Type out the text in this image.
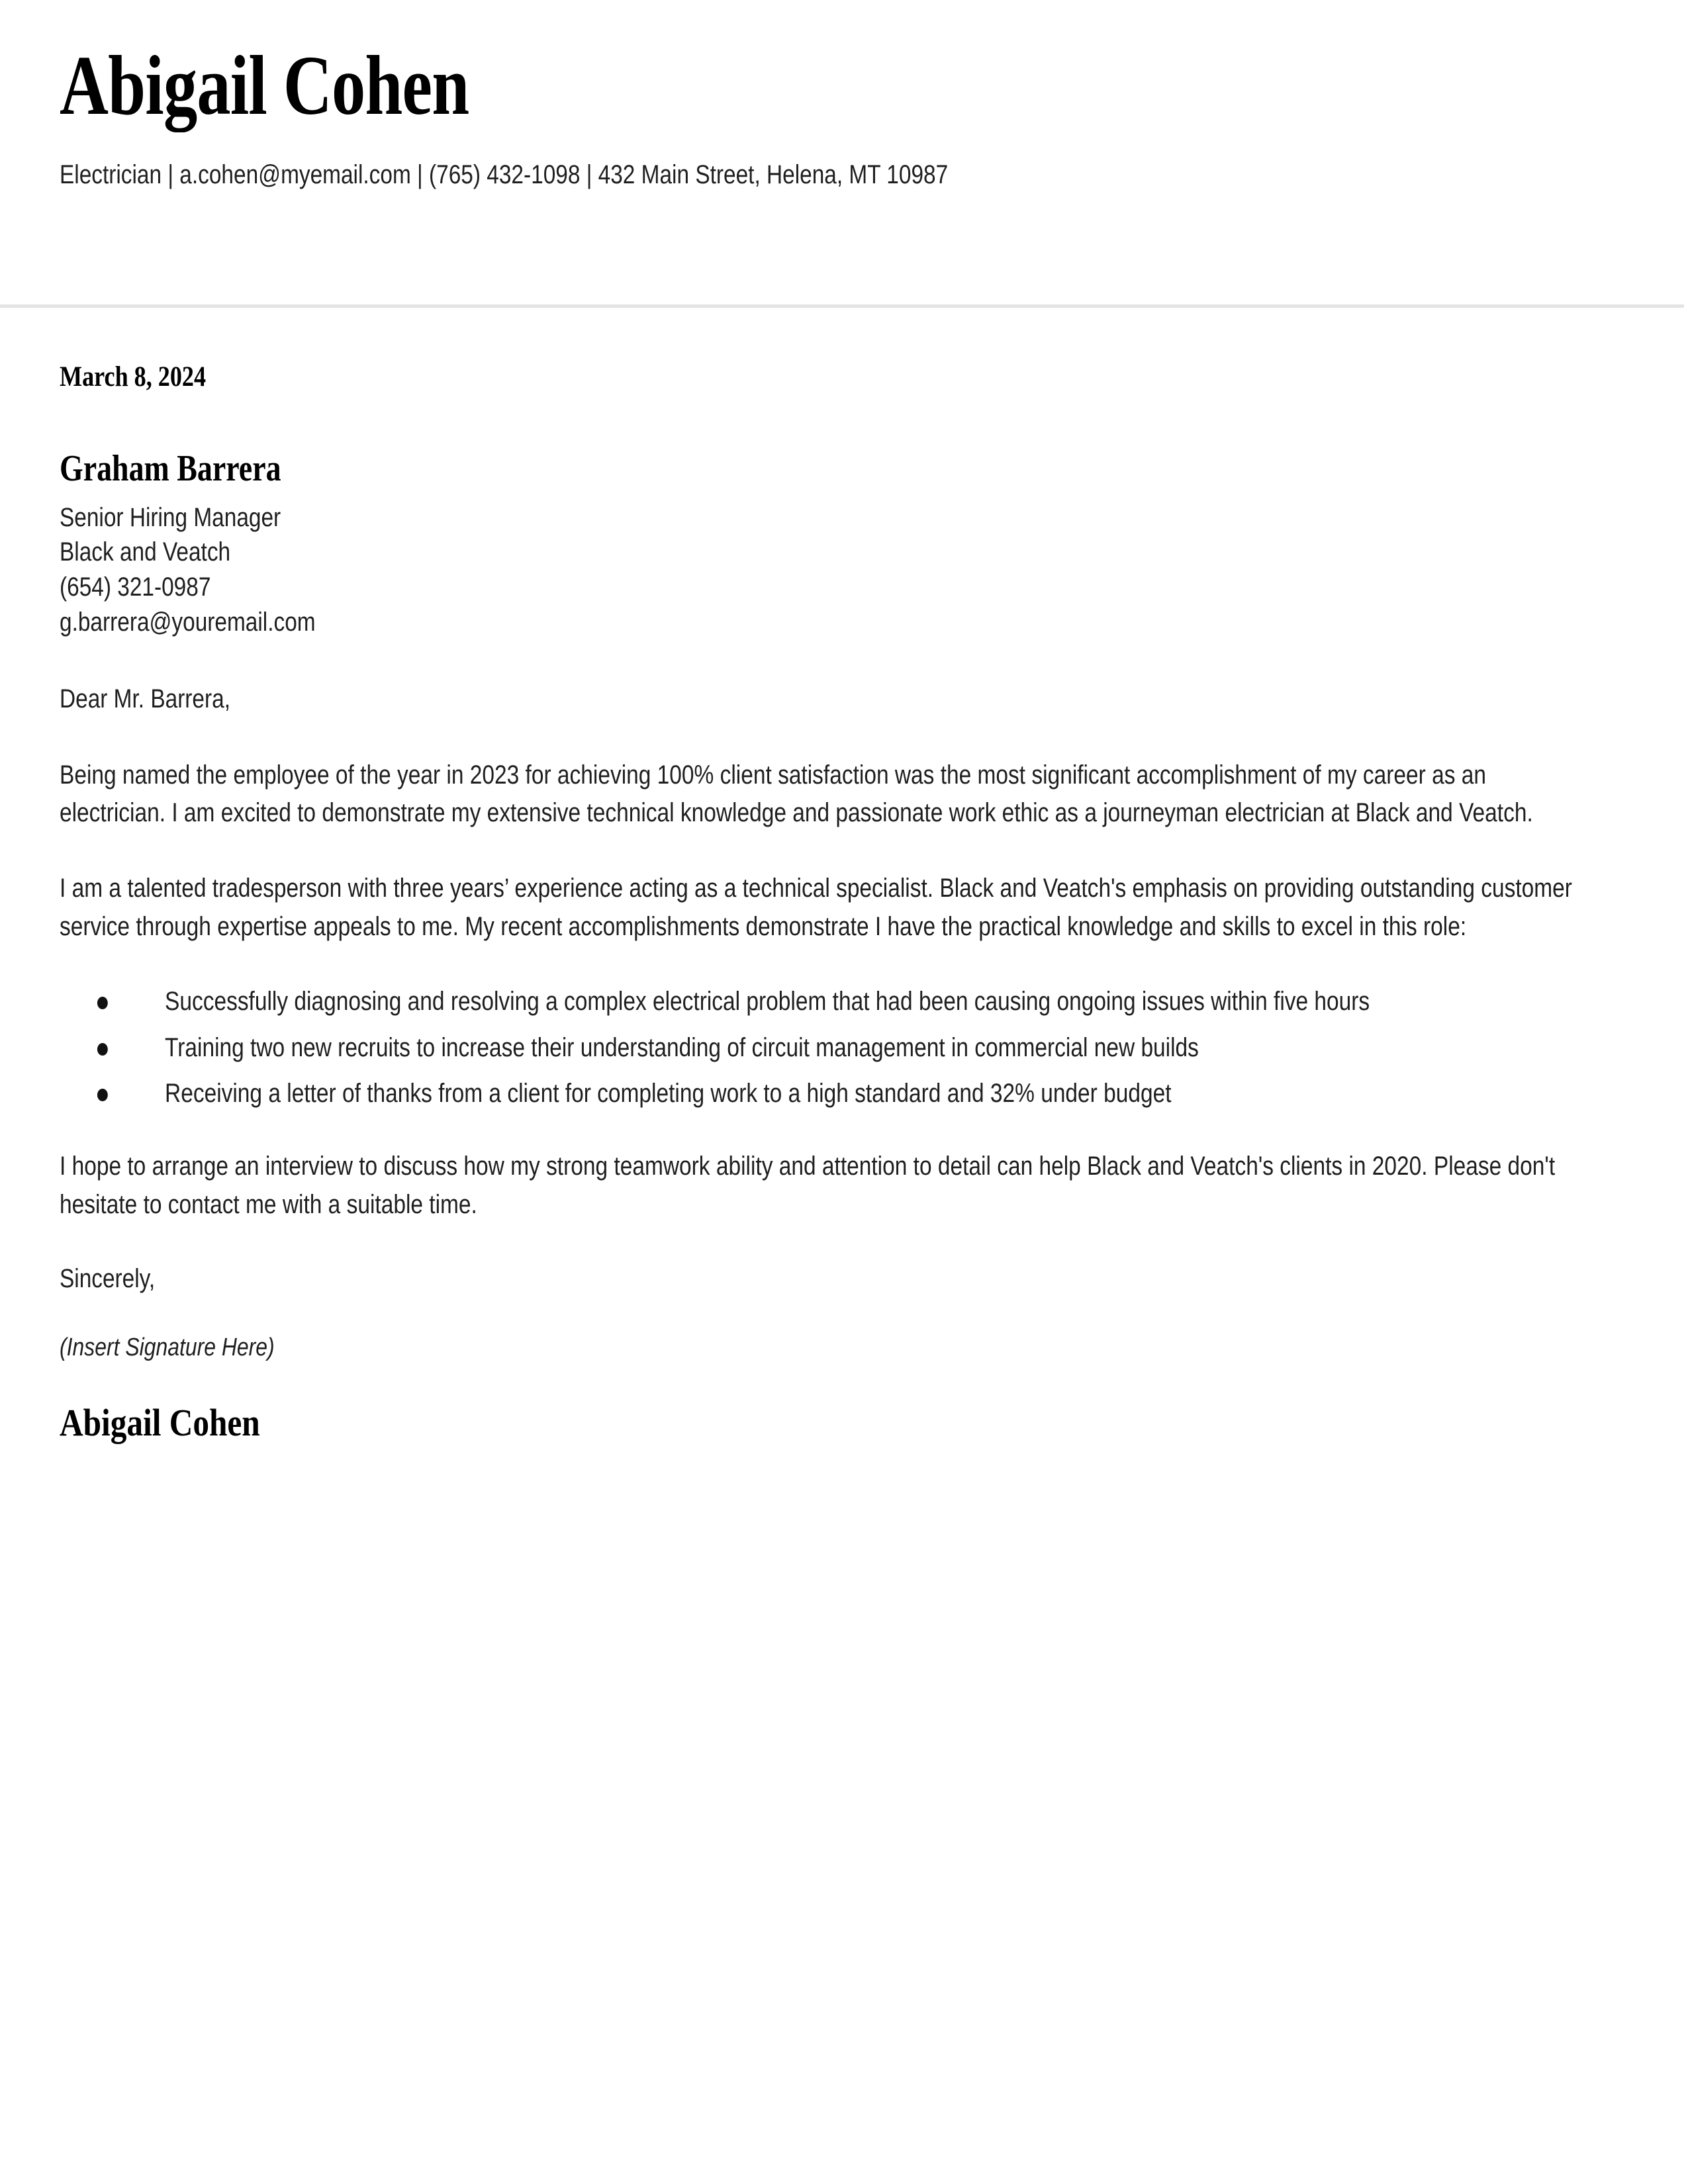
Abigail Cohen
Electrician | a.cohen@myemail.com | (765) 432-1098 | 432 Main Street, Helena, MT 10987
March 8, 2024
Graham Barrera
Senior Hiring Manager
Black and Veatch
(654) 321-0987
g.barrera@youremail.com
Dear Mr. Barrera,

Being named the employee of the year in 2023 for achieving 100% client satisfaction was the most significant accomplishment of my career as an electrician. I am excited to demonstrate my extensive technical knowledge and passionate work ethic as a journeyman electrician at Black and Veatch.

I am a talented tradesperson with three years’ experience acting as a technical specialist. Black and Veatch's emphasis on providing outstanding customer service through expertise appeals to me. My recent accomplishments demonstrate I have the practical knowledge and skills to excel in this role:

Successfully diagnosing and resolving a complex electrical problem that had been causing ongoing issues within five hours
Training two new recruits to increase their understanding of circuit management in commercial new builds
Receiving a letter of thanks from a client for completing work to a high standard and 32% under budget

I hope to arrange an interview to discuss how my strong teamwork ability and attention to detail can help Black and Veatch's clients in 2020. Please don't hesitate to contact me with a suitable time.

Sincerely,
(Insert Signature Here)
Abigail Cohen
